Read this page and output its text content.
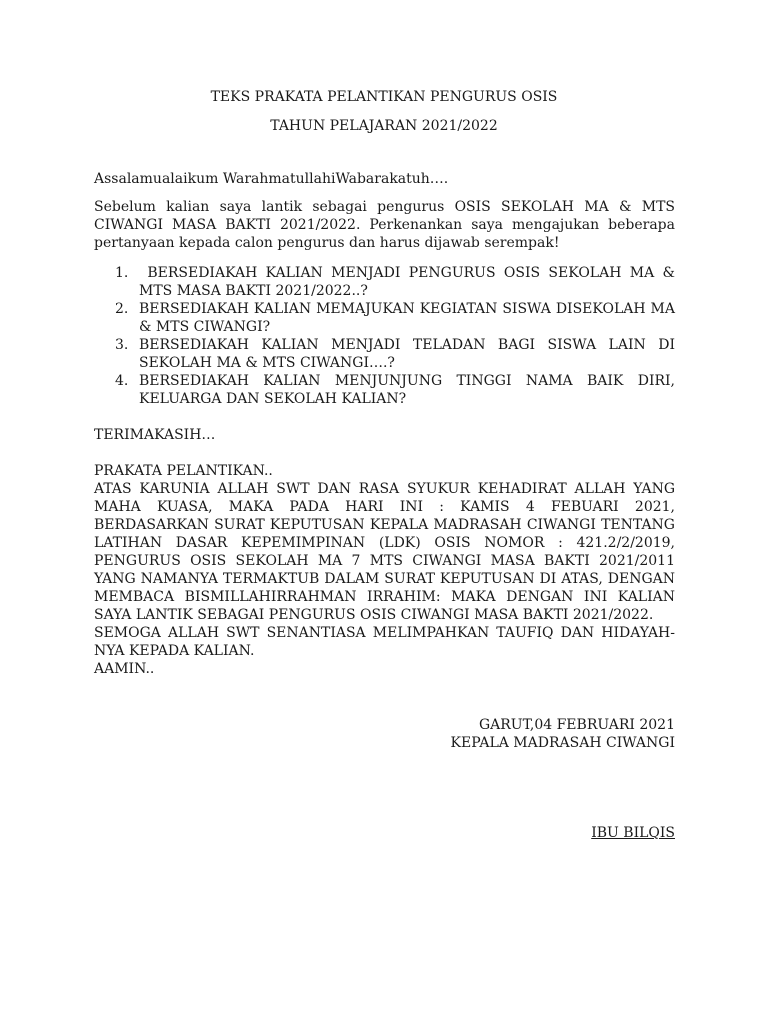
TEKS PRAKATA PELANTIKAN PENGURUS OSIS
TAHUN PELAJARAN 2021/2022
Assalamualaikum WarahmatullahiWabarakatuh….
Sebelum kalian saya lantik sebagai pengurus OSIS SEKOLAH MA & MTS CIWANGI MASA BAKTI 2021/2022. Perkenankan saya mengajukan beberapa pertanyaan kepada calon pengurus dan harus dijawab serempak!
1. BERSEDIAKAH KALIAN MENJADI PENGURUS OSIS SEKOLAH MA & MTS MASA BAKTI 2021/2022..?
2. BERSEDIAKAH KALIAN MEMAJUKAN KEGIATAN SISWA DISEKOLAH MA & MTS CIWANGI?
3. BERSEDIAKAH KALIAN MENJADI TELADAN BAGI SISWA LAIN DI SEKOLAH MA & MTS CIWANGI….?
4. BERSEDIAKAH KALIAN MENJUNJUNG TINGGI NAMA BAIK DIRI, KELUARGA DAN SEKOLAH KALIAN?
TERIMAKASIH…

PRAKATA PELANTIKAN..

ATAS KARUNIA ALLAH SWT DAN RASA SYUKUR KEHADIRAT ALLAH YANG MAHA KUASA, MAKA PADA HARI INI : KAMIS 4 FEBUARI 2021, BERDASARKAN SURAT KEPUTUSAN KEPALA MADRASAH CIWANGI TENTANG LATIHAN DASAR KEPEMIMPINAN (LDK) OSIS NOMOR : 421.2/2/2019, PENGURUS OSIS SEKOLAH MA 7 MTS CIWANGI MASA BAKTI 2021/2011 YANG NAMANYA TERMAKTUB DALAM SURAT KEPUTUSAN DI ATAS, DENGAN MEMBACA BISMILLAHIRRAHMAN IRRAHIM: MAKA DENGAN INI KALIAN SAYA LANTIK SEBAGAI PENGURUS OSIS CIWANGI MASA BAKTI 2021/2022.

SEMOGA ALLAH SWT SENANTIASA MELIMPAHKAN TAUFIQ DAN HIDAYAH-NYA KEPADA KALIAN.

AAMIN..

GARUT,04 FEBRUARI 2021
KEPALA MADRASAH CIWANGI
IBU BILQIS
